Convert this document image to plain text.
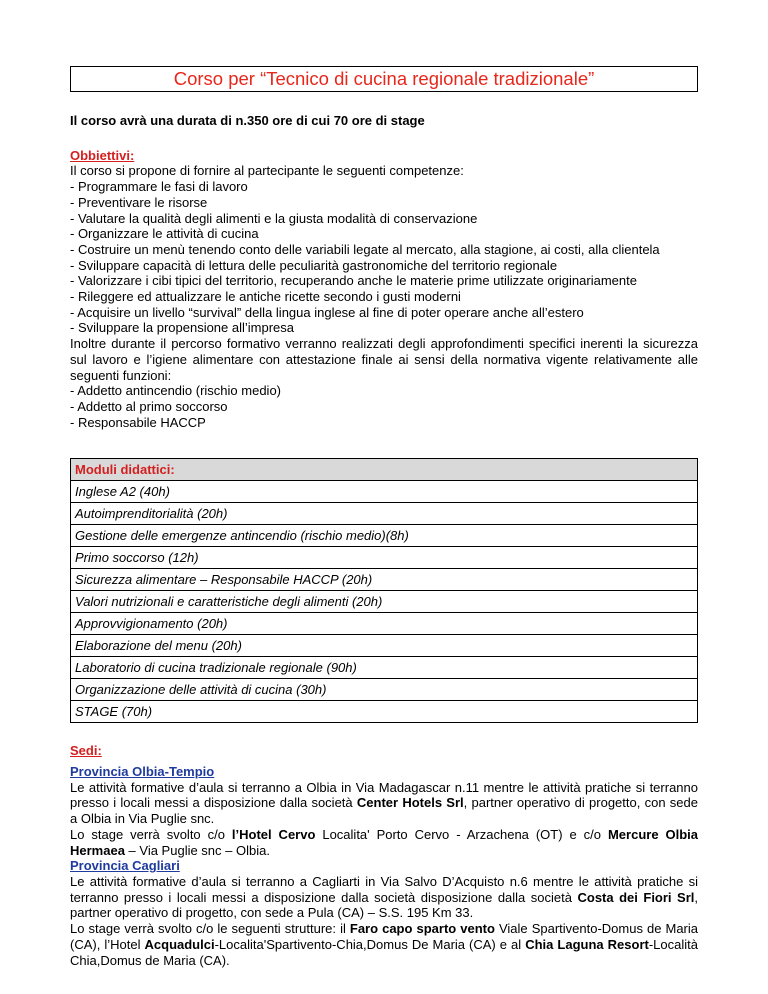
Corso per “Tecnico di cucina regionale tradizionale”
Il corso avrà una durata di n.350 ore di cui 70 ore di stage
Obbiettivi:
Il corso si propone di fornire al partecipante le seguenti competenze:
- Programmare le fasi di lavoro
- Preventivare le risorse
- Valutare la qualità degli alimenti e la giusta modalità di conservazione
- Organizzare le attività di cucina
- Costruire un menù tenendo conto delle variabili legate al mercato, alla stagione, ai costi, alla clientela
- Sviluppare capacità di lettura delle peculiarità gastronomiche del territorio regionale
- Valorizzare i cibi tipici del territorio, recuperando anche le materie prime utilizzate originariamente
- Rileggere ed attualizzare le antiche ricette secondo i gusti moderni
- Acquisire un livello “survival” della lingua inglese al fine di poter operare anche all’estero
- Sviluppare la propensione all’impresa
Inoltre durante il percorso formativo verranno realizzati degli approfondimenti specifici inerenti la sicurezza sul lavoro e l’igiene alimentare con attestazione finale ai sensi della normativa vigente relativamente alle seguenti funzioni:
- Addetto antincendio (rischio medio)
- Addetto al primo soccorso
- Responsabile HACCP
Moduli didattici:
Inglese A2 (40h)
Autoimprenditorialità (20h)
Gestione delle emergenze antincendio (rischio medio)(8h)
Primo soccorso (12h)
Sicurezza alimentare – Responsabile HACCP (20h)
Valori nutrizionali e caratteristiche degli alimenti (20h)
Approvvigionamento (20h)
Elaborazione del menu (20h)
Laboratorio di cucina tradizionale regionale (90h)
Organizzazione delle attività di cucina (30h)
STAGE (70h)
Sedi:
Provincia Olbia-Tempio
Le attività formative d’aula si terranno a Olbia in Via Madagascar n.11 mentre le attività pratiche si terranno presso i locali messi a disposizione dalla società Center Hotels Srl, partner operativo di progetto, con sede a Olbia in Via Puglie snc.
Lo stage verrà svolto c/o l’Hotel Cervo Localita' Porto Cervo - Arzachena (OT) e c/o Mercure Olbia Hermaea – Via Puglie snc – Olbia.
Provincia Cagliari
Le attività formative d’aula si terranno a Cagliarti in Via Salvo D’Acquisto n.6 mentre le attività pratiche si terranno presso i locali messi a disposizione dalla società disposizione dalla società Costa dei Fiori Srl, partner operativo di progetto, con sede a Pula (CA) – S.S. 195 Km 33.
Lo stage verrà svolto c/o le seguenti strutture: il Faro capo sparto vento Viale Spartivento-Domus de Maria (CA), l’Hotel Acquadulci-Localita'Spartivento-Chia,Domus De Maria (CA) e al Chia Laguna Resort-Località Chia,Domus de Maria (CA).
